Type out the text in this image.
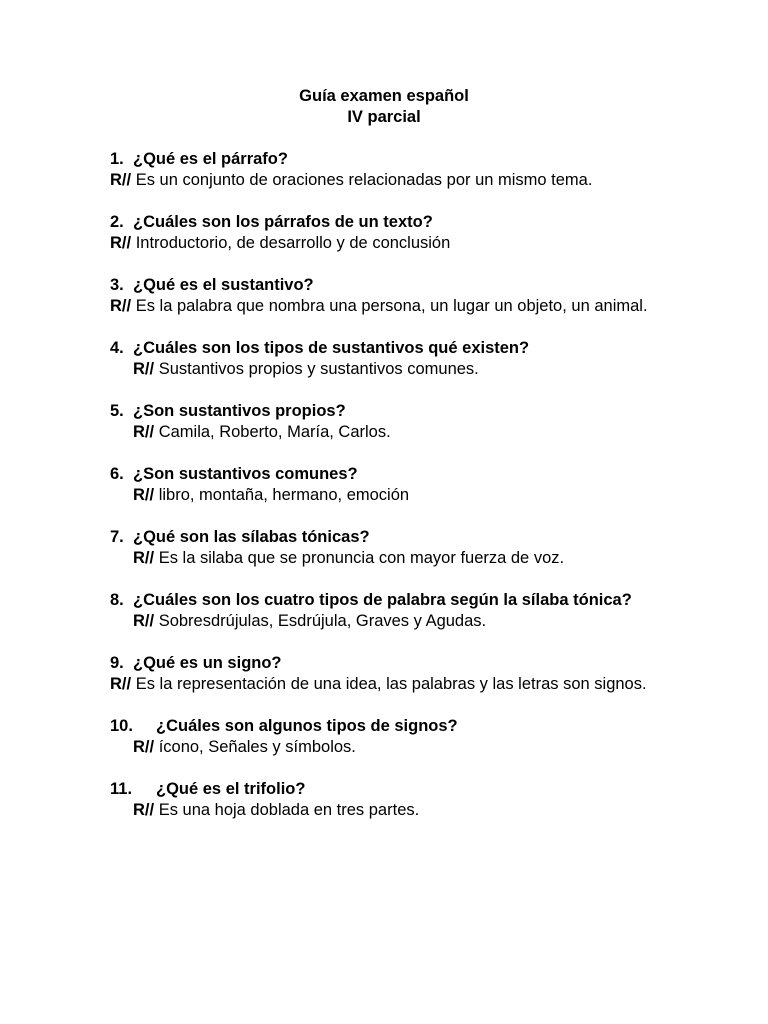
Guía examen español
IV parcial
1. ¿Qué es el párrafo?
R// Es un conjunto de oraciones relacionadas por un mismo tema.
2. ¿Cuáles son los párrafos de un texto?
R// Introductorio, de desarrollo y de conclusión
3. ¿Qué es el sustantivo?
R// Es la palabra que nombra una persona, un lugar un objeto, un animal.
4. ¿Cuáles son los tipos de sustantivos qué existen?
R// Sustantivos propios y sustantivos comunes.
5. ¿Son sustantivos propios?
R// Camila, Roberto, María, Carlos.
6. ¿Son sustantivos comunes?
R// libro, montaña, hermano, emoción
7. ¿Qué son las sílabas tónicas?
R// Es la silaba que se pronuncia con mayor fuerza de voz.
8. ¿Cuáles son los cuatro tipos de palabra según la sílaba tónica?
R// Sobresdrújulas, Esdrújula, Graves y Agudas.
9. ¿Qué es un signo?
R// Es la representación de una idea, las palabras y las letras son signos.
10.	¿Cuáles son algunos tipos de signos?
R// ícono, Señales y símbolos.
11.	¿Qué es el trifolio?
R// Es una hoja doblada en tres partes.
